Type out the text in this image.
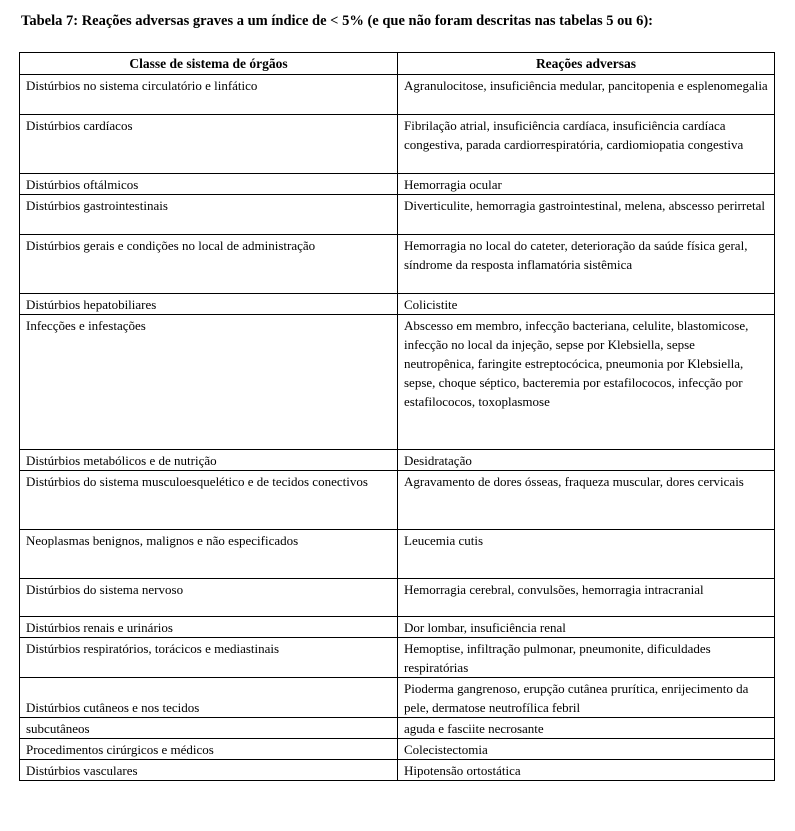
Tabela 7: Reações adversas graves a um índice de < 5% (e que não foram descritas nas tabelas 5 ou 6):
Classe de sistema de órgãos	Reações adversas
Distúrbios no sistema circulatório e linfático	Agranulocitose, insuficiência medular, pancitopenia e esplenomegalia
Distúrbios cardíacos	Fibrilação atrial, insuficiência cardíaca, insuficiência cardíaca congestiva, parada cardiorrespiratória, cardiomiopatia congestiva
Distúrbios oftálmicos	Hemorragia ocular
Distúrbios gastrointestinais	Diverticulite, hemorragia gastrointestinal, melena, abscesso perirretal
Distúrbios gerais e condições no local de administração	Hemorragia no local do cateter, deterioração da saúde física geral, síndrome da resposta inflamatória sistêmica
Distúrbios hepatobiliares	Colicistite
Infecções e infestações	Abscesso em membro, infecção bacteriana, celulite, blastomicose, infecção no local da injeção, sepse por Klebsiella, sepse neutropênica, faringite estreptocócica, pneumonia por Klebsiella, sepse, choque séptico, bacteremia por estafilococos, infecção por estafilococos, toxoplasmose
Distúrbios metabólicos e de nutrição	Desidratação
Distúrbios do sistema musculoesquelético e de tecidos conectivos	Agravamento de dores ósseas, fraqueza muscular, dores cervicais
Neoplasmas benignos, malignos e não especificados	Leucemia cutis
Distúrbios do sistema nervoso	Hemorragia cerebral, convulsões, hemorragia intracranial
Distúrbios renais e urinários	Dor lombar, insuficiência renal
Distúrbios respiratórios, torácicos e mediastinais	Hemoptise, infiltração pulmonar, pneumonite, dificuldades respiratórias
Distúrbios cutâneos e nos tecidos	Pioderma gangrenoso, erupção cutânea prurítica, enrijecimento da pele, dermatose neutrofílica febril
subcutâneos	aguda e fasciite necrosante
Procedimentos cirúrgicos e médicos	Colecistectomia
Distúrbios vasculares	Hipotensão ortostática
